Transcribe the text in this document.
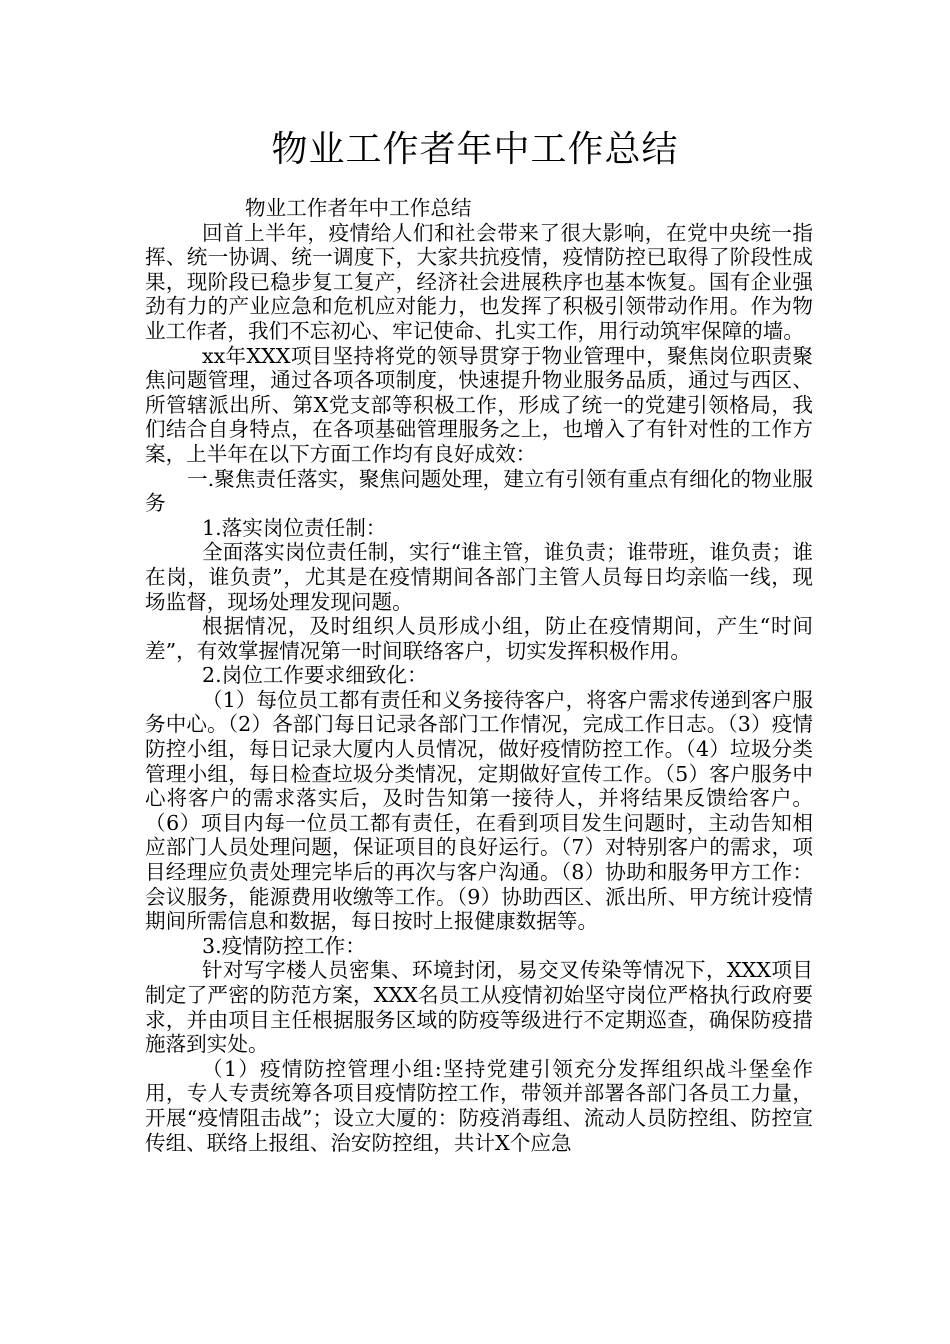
物业工作者年中工作总结

物业工作者年中工作总结

回首上半年，疫情给人们和社会带来了很大影响，在党中央统一指挥、统一协调、统一调度下，大家共抗疫情，疫情防控已取得了阶段性成果，现阶段已稳步复工复产，经济社会进展秩序也基本恢复。国有企业强劲有力的产业应急和危机应对能力，也发挥了积极引领带动作用。作为物业工作者，我们不忘初心、牢记使命、扎实工作，用行动筑牢保障的墙。

xx年XXX项目坚持将党的领导贯穿于物业管理中，聚焦岗位职责聚焦问题管理，通过各项各项制度，快速提升物业服务品质，通过与西区、所管辖派出所、第X党支部等积极工作，形成了统一的党建引领格局，我们结合自身特点，在各项基础管理服务之上，也增入了有针对性的工作方案，上半年在以下方面工作均有良好成效：

一.聚焦责任落实，聚焦问题处理，建立有引领有重点有细化的物业服务

1.落实岗位责任制：

全面落实岗位责任制，实行“谁主管，谁负责；谁带班，谁负责；谁在岗，谁负责”，尤其是在疫情期间各部门主管人员每日均亲临一线，现场监督，现场处理发现问题。

根据情况，及时组织人员形成小组，防止在疫情期间，产生“时间差”，有效掌握情况第一时间联络客户，切实发挥积极作用。

2.岗位工作要求细致化：

（1）每位员工都有责任和义务接待客户，将客户需求传递到客户服务中心。（2）各部门每日记录各部门工作情况，完成工作日志。（3）疫情防控小组，每日记录大厦内人员情况，做好疫情防控工作。（4）垃圾分类管理小组，每日检查垃圾分类情况，定期做好宣传工作。（5）客户服务中心将客户的需求落实后，及时告知第一接待人，并将结果反馈给客户。（6）项目内每一位员工都有责任，在看到项目发生问题时，主动告知相应部门人员处理问题，保证项目的良好运行。（7）对特别客户的需求，项目经理应负责处理完毕后的再次与客户沟通。（8）协助和服务甲方工作：会议服务，能源费用收缴等工作。（9）协助西区、派出所、甲方统计疫情期间所需信息和数据，每日按时上报健康数据等。

3.疫情防控工作：

针对写字楼人员密集、环境封闭，易交叉传染等情况下，XXX项目制定了严密的防范方案，XXX名员工从疫情初始坚守岗位严格执行政府要求，并由项目主任根据服务区域的防疫等级进行不定期巡查，确保防疫措施落到实处。

（1）疫情防控管理小组:坚持党建引领充分发挥组织战斗堡垒作用，专人专责统筹各项目疫情防控工作，带领并部署各部门各员工力量，开展“疫情阻击战”；设立大厦的：防疫消毒组、流动人员防控组、防控宣传组、联络上报组、治安防控组，共计X个应急
